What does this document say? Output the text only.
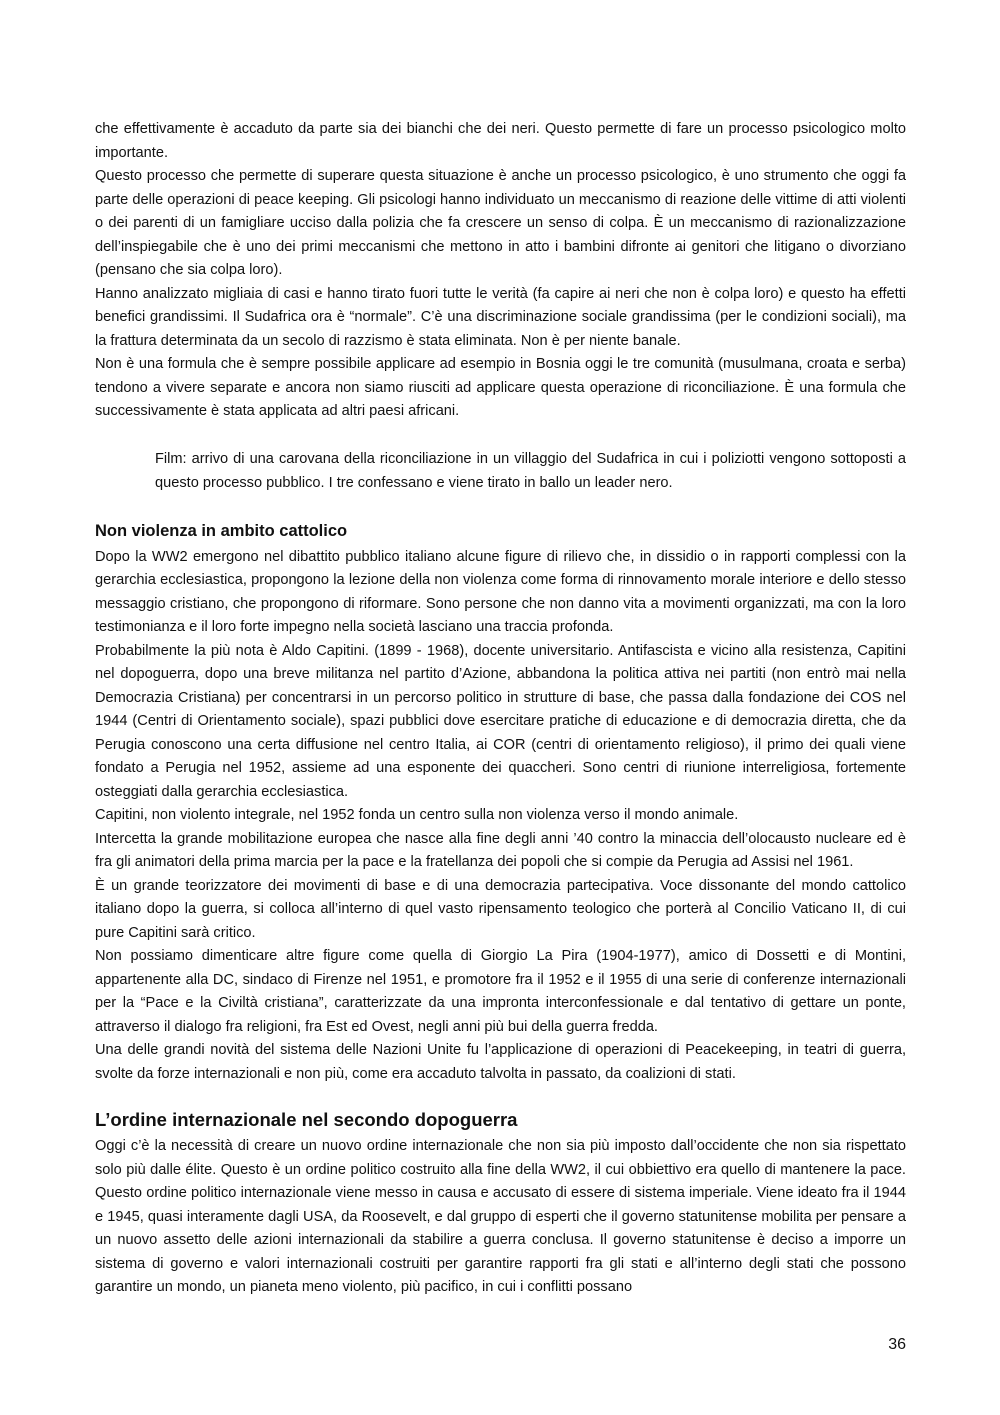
che effettivamente è accaduto da parte sia dei bianchi che dei neri. Questo permette di fare un processo psicologico molto importante.

Questo processo che permette di superare questa situazione è anche un processo psicologico, è uno strumento che oggi fa parte delle operazioni di peace keeping. Gli psicologi hanno individuato un meccanismo di reazione delle vittime di atti violenti o dei parenti di un famigliare ucciso dalla polizia che fa crescere un senso di colpa. È un meccanismo di razionalizzazione dell’inspiegabile che è uno dei primi meccanismi che mettono in atto i bambini difronte ai genitori che litigano o divorziano (pensano che sia colpa loro).

Hanno analizzato migliaia di casi e hanno tirato fuori tutte le verità (fa capire ai neri che non è colpa loro) e questo ha effetti benefici grandissimi. Il Sudafrica ora è “normale”. C’è una discriminazione sociale grandissima (per le condizioni sociali), ma la frattura determinata da un secolo di razzismo è stata eliminata. Non è per niente banale.

Non è una formula che è sempre possibile applicare ad esempio in Bosnia oggi le tre comunità (musulmana, croata e serba) tendono a vivere separate e ancora non siamo riusciti ad applicare questa operazione di riconciliazione. È una formula che successivamente è stata applicata ad altri paesi africani.

Film: arrivo di una carovana della riconciliazione in un villaggio del Sudafrica in cui i poliziotti vengono sottoposti a questo processo pubblico. I tre confessano e viene tirato in ballo un leader nero.

Non violenza in ambito cattolico

Dopo la WW2 emergono nel dibattito pubblico italiano alcune figure di rilievo che, in dissidio o in rapporti complessi con la gerarchia ecclesiastica, propongono la lezione della non violenza come forma di rinnovamento morale interiore e dello stesso messaggio cristiano, che propongono di riformare. Sono persone che non danno vita a movimenti organizzati, ma con la loro testimonianza e il loro forte impegno nella società lasciano una traccia profonda.

Probabilmente la più nota è Aldo Capitini. (1899 - 1968), docente universitario. Antifascista e vicino alla resistenza, Capitini nel dopoguerra, dopo una breve militanza nel partito d’Azione, abbandona la politica attiva nei partiti (non entrò mai nella Democrazia Cristiana) per concentrarsi in un percorso politico in strutture di base, che passa dalla fondazione dei COS nel 1944 (Centri di Orientamento sociale), spazi pubblici dove esercitare pratiche di educazione e di democrazia diretta, che da Perugia conoscono una certa diffusione nel centro Italia, ai COR (centri di orientamento religioso), il primo dei quali viene fondato a Perugia nel 1952, assieme ad una esponente dei quaccheri. Sono centri di riunione interreligiosa, fortemente osteggiati dalla gerarchia ecclesiastica.

Capitini, non violento integrale, nel 1952 fonda un centro sulla non violenza verso il mondo animale.

Intercetta la grande mobilitazione europea che nasce alla fine degli anni ’40 contro la minaccia dell’olocausto nucleare ed è fra gli animatori della prima marcia per la pace e la fratellanza dei popoli che si compie da Perugia ad Assisi nel 1961.

È un grande teorizzatore dei movimenti di base e di una democrazia partecipativa. Voce dissonante del mondo cattolico italiano dopo la guerra, si colloca all’interno di quel vasto ripensamento teologico che porterà al Concilio Vaticano II, di cui pure Capitini sarà critico.

Non possiamo dimenticare altre figure come quella di Giorgio La Pira (1904-1977), amico di Dossetti e di Montini, appartenente alla DC, sindaco di Firenze nel 1951, e promotore fra il 1952 e il 1955 di una serie di conferenze internazionali per la “Pace e la Civiltà cristiana”, caratterizzate da una impronta interconfessionale e dal tentativo di gettare un ponte, attraverso il dialogo fra religioni, fra Est ed Ovest, negli anni più bui della guerra fredda.

Una delle grandi novità del sistema delle Nazioni Unite fu l’applicazione di operazioni di Peacekeeping, in teatri di guerra, svolte da forze internazionali e non più, come era accaduto talvolta in passato, da coalizioni di stati.

L’ordine internazionale nel secondo dopoguerra

Oggi c’è la necessità di creare un nuovo ordine internazionale che non sia più imposto dall’occidente che non sia rispettato solo più dalle élite. Questo è un ordine politico costruito alla fine della WW2, il cui obbiettivo era quello di mantenere la pace. Questo ordine politico internazionale viene messo in causa e accusato di essere di sistema imperiale. Viene ideato fra il 1944 e 1945, quasi interamente dagli USA, da Roosevelt, e dal gruppo di esperti che il governo statunitense mobilita per pensare a un nuovo assetto delle azioni internazionali da stabilire a guerra conclusa. Il governo statunitense è deciso a imporre un sistema di governo e valori internazionali costruiti per garantire rapporti fra gli stati e all’interno degli stati che possono garantire un mondo, un pianeta meno violento, più pacifico, in cui i conflitti possano

36
